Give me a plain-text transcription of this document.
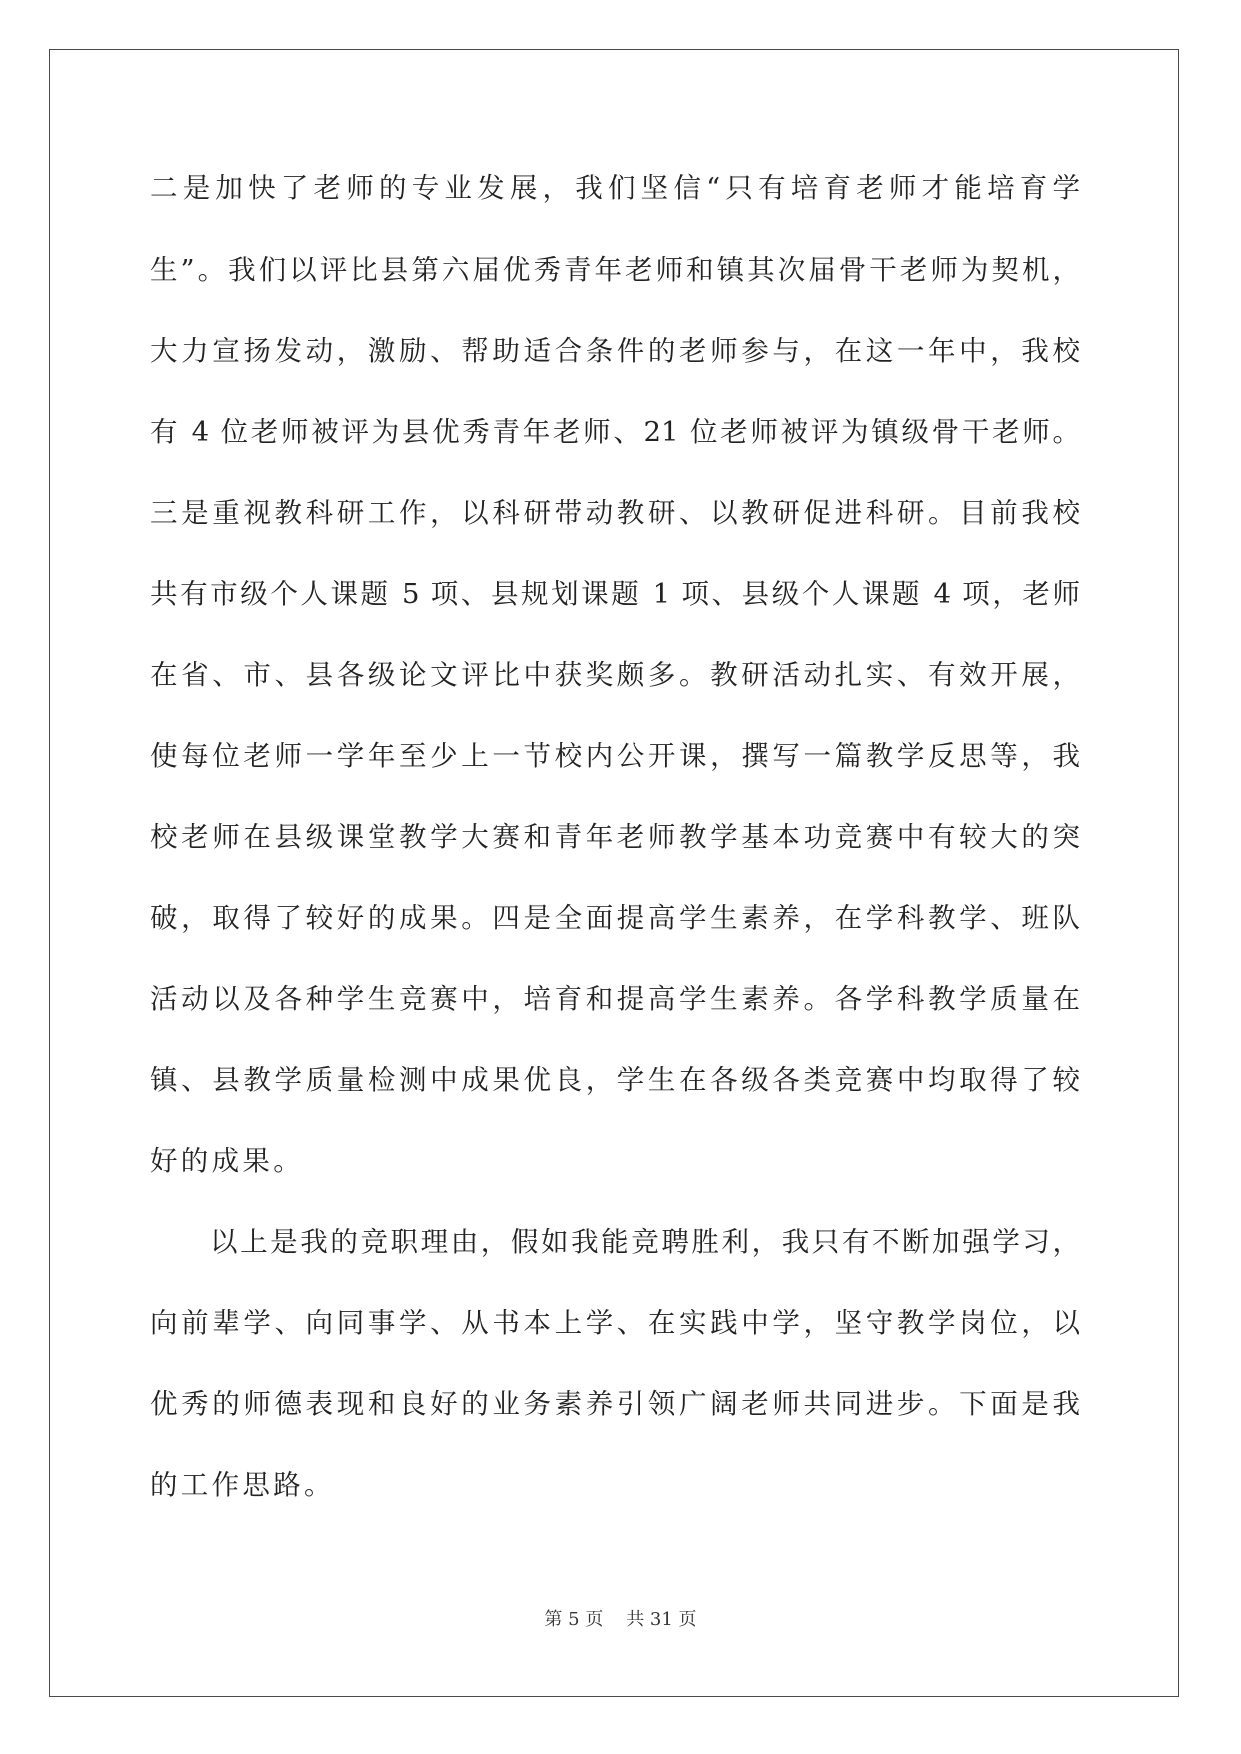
二是加快了老师的专业发展，我们坚信“只有培育老师才能培育学
生”。我们以评比县第六届优秀青年老师和镇其次届骨干老师为契机，
大力宣扬发动，激励、帮助适合条件的老师参与，在这一年中，我校
有 4 位老师被评为县优秀青年老师、21 位老师被评为镇级骨干老师。
三是重视教科研工作，以科研带动教研、以教研促进科研。目前我校
共有市级个人课题 5 项、县规划课题 1 项、县级个人课题 4 项，老师
在省、市、县各级论文评比中获奖颇多。教研活动扎实、有效开展，
使每位老师一学年至少上一节校内公开课，撰写一篇教学反思等，我
校老师在县级课堂教学大赛和青年老师教学基本功竞赛中有较大的突
破，取得了较好的成果。四是全面提高学生素养，在学科教学、班队
活动以及各种学生竞赛中，培育和提高学生素养。各学科教学质量在
镇、县教学质量检测中成果优良，学生在各级各类竞赛中均取得了较
好的成果。
以上是我的竞职理由，假如我能竞聘胜利，我只有不断加强学习，
向前辈学、向同事学、从书本上学、在实践中学，坚守教学岗位，以
优秀的师德表现和良好的业务素养引领广阔老师共同进步。下面是我
的工作思路。
第 5 页    共 31 页
